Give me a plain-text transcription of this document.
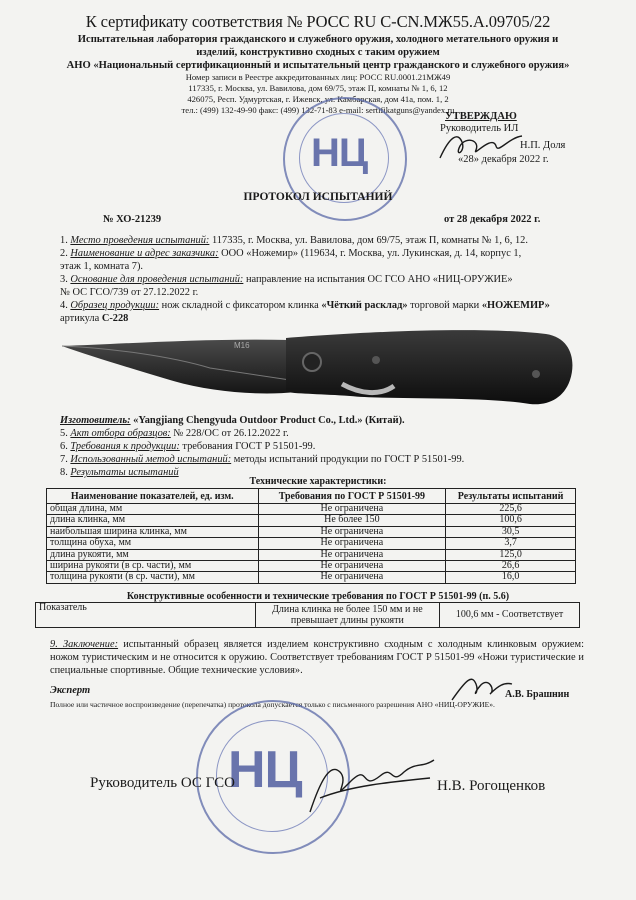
К сертификату соответствия № РОСС RU C-CN.МЖ55.А.09705/22
Испытательная лаборатория гражданского и служебного оружия, холодного метательного оружия и
изделий, конструктивно сходных с таким оружием
АНО «Национальный сертификационный и испытательный центр гражданского и служебного оружия»
Номер записи в Реестре аккредитованных лиц: РОСС RU.0001.21МЖ49
117335, г. Москва, ул. Вавилова, дом 69/75, этаж П, комнаты № 1, 6, 12
426075, Респ. Удмуртская, г. Ижевск, ул. Камбарская, дом 41а, пом. 1, 2
тел.: (499) 132-49-90 факс: (499) 132-71-83 e-mail: sertifikatguns@yandex.ru
НЦ
УТВЕРЖДАЮ
Руководитель ИЛ
Н.П. Доля
«28» декабря 2022 г.
ПРОТОКОЛ ИСПЫТАНИЙ
№ ХО-21239	от 28 декабря 2022 г.
1. Место проведения испытаний: 117335, г. Москва, ул. Вавилова, дом 69/75, этаж П, комнаты № 1, 6, 12.
2. Наименование и адрес заказчика: ООО «Ножемир» (119634, г. Москва, ул. Лукинская, д. 14, корпус 1,
этаж 1, комната 7).
3. Основание для проведения испытаний: направление на испытания ОС ГСО АНО «НИЦ-ОРУЖИЕ»
№ ОС ГСО/739 от 27.12.2022 г.
4. Образец продукции: нож складной с фиксатором клинка «Чёткий расклад» торговой марки «НОЖЕМИР»
артикула С-228
M16
Изготовитель: «Yangjiang Chengyuda Outdoor Product Co., Ltd.» (Китай).
5. Акт отбора образцов: № 228/ОС от 26.12.2022 г.
6. Требования к продукции: требования ГОСТ Р 51501-99.
7. Использованный метод испытаний: методы испытаний продукции по ГОСТ Р 51501-99.
8. Результаты испытаний
Технические характеристики:
Наименование показателей, ед. изм.	Требования по ГОСТ Р 51501-99	Результаты испытаний
общая длина, мм	Не ограничена	225,6
длина клинка, мм	Не более 150	100,6
наибольшая ширина клинка, мм	Не ограничена	30,5
толщина обуха, мм	Не ограничена	3,7
длина рукояти, мм	Не ограничена	125,0
ширина рукояти (в ср. части), мм	Не ограничена	26,6
толщина рукояти (в ср. части), мм	Не ограничена	16,0
Конструктивные особенности и технические требования по ГОСТ Р 51501-99 (п. 5.6)
Показатель	Длина клинка не более 150 мм и не превышает длины рукояти	100,6 мм - Соответствует
9. Заключение: испытанный образец является изделием конструктивно сходным с холодным клинковым оружием: ножом туристическим и не относится к оружию. Соответствует требованиям ГОСТ Р 51501-99 «Ножи туристические и специальные спортивные. Общие технические условия».
Эксперт	А.В. Брашнин
Полное или частичное воспроизведение (перепечатка) протокола допускается только с письменного разрешения АНО «НИЦ-ОРУЖИЕ».
НЦ
Руководитель ОС ГСО	Н.В. Рогощенков
